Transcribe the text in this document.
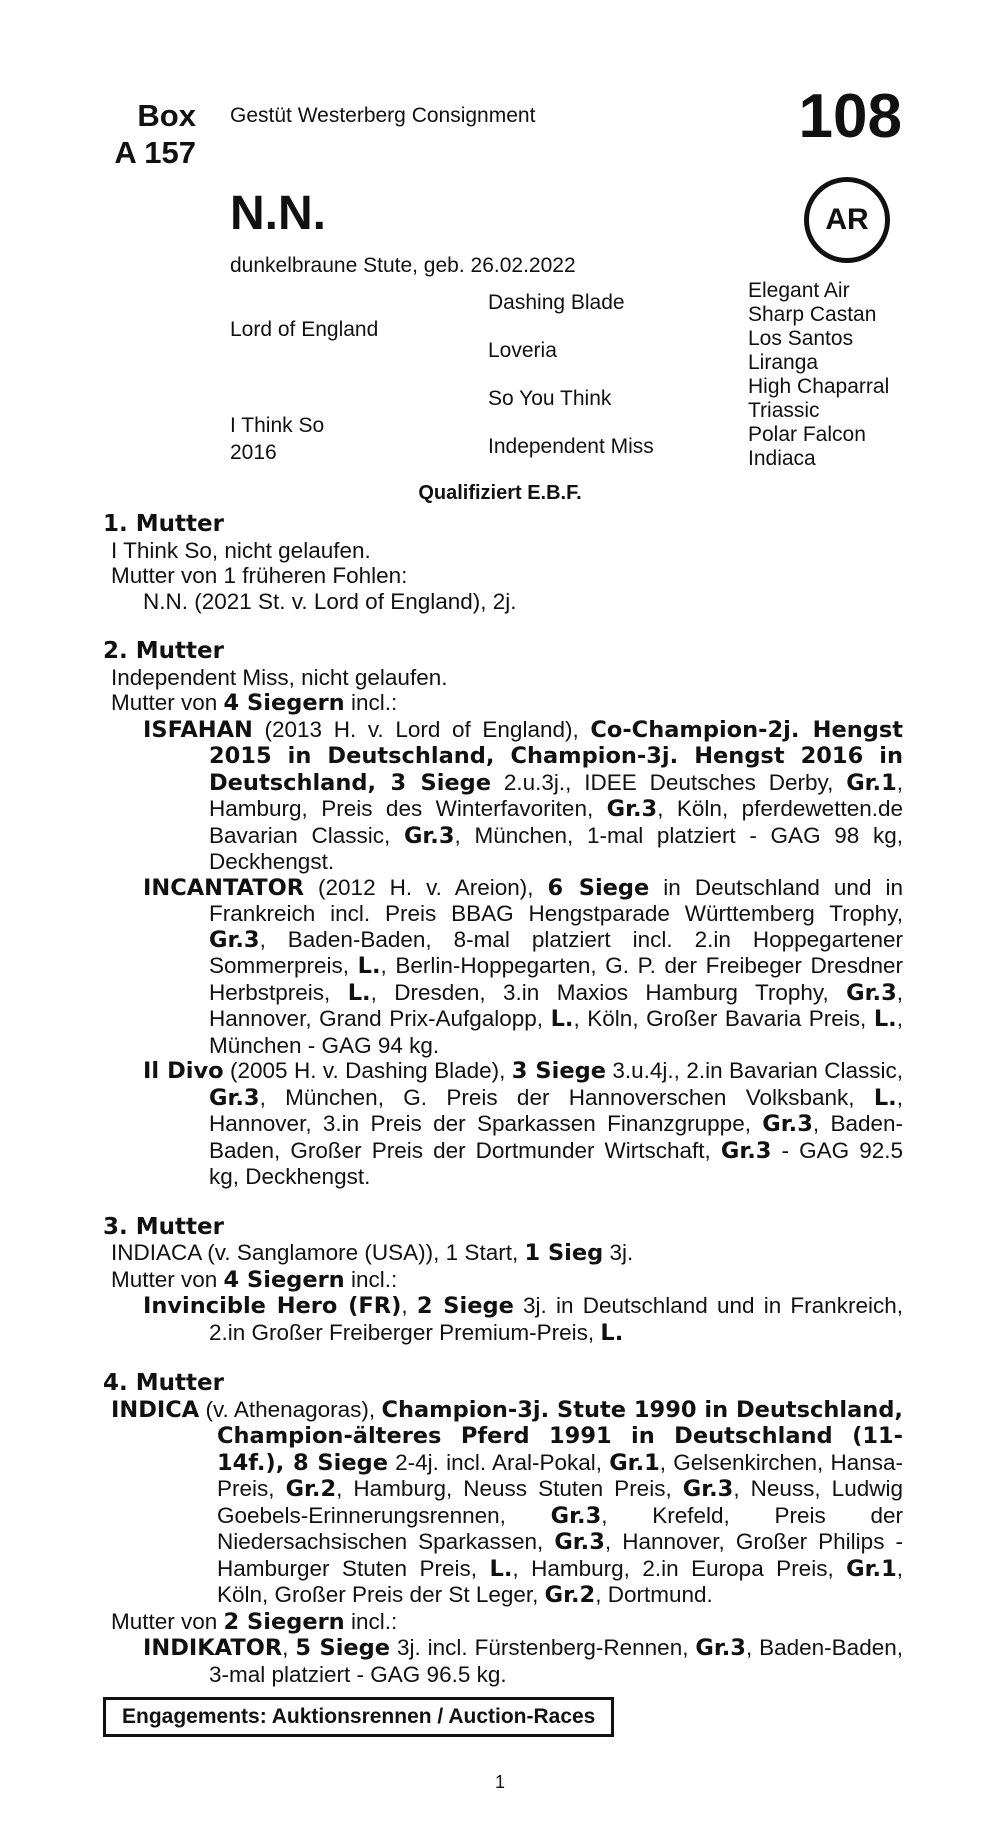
Box
A 157
Gestüt Westerberg Consignment	108
AR
N.N.
dunkelbraune Stute, geb. 26.02.2022
Lord of England
I Think So
2016
Dashing Blade
Loveria
So You Think
Independent Miss
Elegant Air
Sharp Castan
Los Santos
Liranga
High Chaparral
Triassic
Polar Falcon
Indiaca
Qualifiziert E.B.F.
1. Mutter
I Think So, nicht gelaufen.
Mutter von 1 früheren Fohlen:
N.N. (2021 St. v. Lord of England), 2j.
2. Mutter
Independent Miss, nicht gelaufen.
Mutter von 4 Siegern incl.:
ISFAHAN (2013 H. v. Lord of England), Co-Champion-2j. Hengst 2015 in Deutschland, Champion-3j. Hengst 2016 in Deutschland, 3 Siege 2.u.3j., IDEE Deutsches Derby, Gr.1, Hamburg, Preis des Winterfavoriten, Gr.3, Köln, pferdewetten.de Bavarian Classic, Gr.3, München, 1-mal platziert - GAG 98 kg, Deckhengst.
INCANTATOR (2012 H. v. Areion), 6 Siege in Deutschland und in Frankreich incl. Preis BBAG Hengstparade Württemberg Trophy, Gr.3, Baden-Baden, 8-mal platziert incl. 2.in Hoppegartener Sommerpreis, L., Berlin-Hoppegarten, G. P. der Freibeger Dresdner Herbstpreis, L., Dresden, 3.in Maxios Hamburg Trophy, Gr.3, Hannover, Grand Prix-Aufgalopp, L., Köln, Großer Bavaria Preis, L., München - GAG 94 kg.
Il Divo (2005 H. v. Dashing Blade), 3 Siege 3.u.4j., 2.in Bavarian Classic, Gr.3, München, G. Preis der Hannoverschen Volksbank, L., Hannover, 3.in Preis der Sparkassen Finanzgruppe, Gr.3, Baden-Baden, Großer Preis der Dortmunder Wirtschaft, Gr.3 - GAG 92.5 kg, Deckhengst.
3. Mutter
INDIACA (v. Sanglamore (USA)), 1 Start, 1 Sieg 3j.
Mutter von 4 Siegern incl.:
Invincible Hero (FR), 2 Siege 3j. in Deutschland und in Frankreich, 2.in Großer Freiberger Premium-Preis, L.
4. Mutter
INDICA (v. Athenagoras), Champion-3j. Stute 1990 in Deutschland, Champion-älteres Pferd 1991 in Deutschland (11-14f.), 8 Siege 2-4j. incl. Aral-Pokal, Gr.1, Gelsenkirchen, Hansa-Preis, Gr.2, Hamburg, Neuss Stuten Preis, Gr.3, Neuss, Ludwig Goebels-Erinnerungsrennen, Gr.3, Krefeld, Preis der Niedersachsischen Sparkassen, Gr.3, Hannover, Großer Philips - Hamburger Stuten Preis, L., Hamburg, 2.in Europa Preis, Gr.1, Köln, Großer Preis der St Leger, Gr.2, Dortmund.
Mutter von 2 Siegern incl.:
INDIKATOR, 5 Siege 3j. incl. Fürstenberg-Rennen, Gr.3, Baden-Baden, 3-mal platziert - GAG 96.5 kg.
Engagements: Auktionsrennen / Auction-Races
1
